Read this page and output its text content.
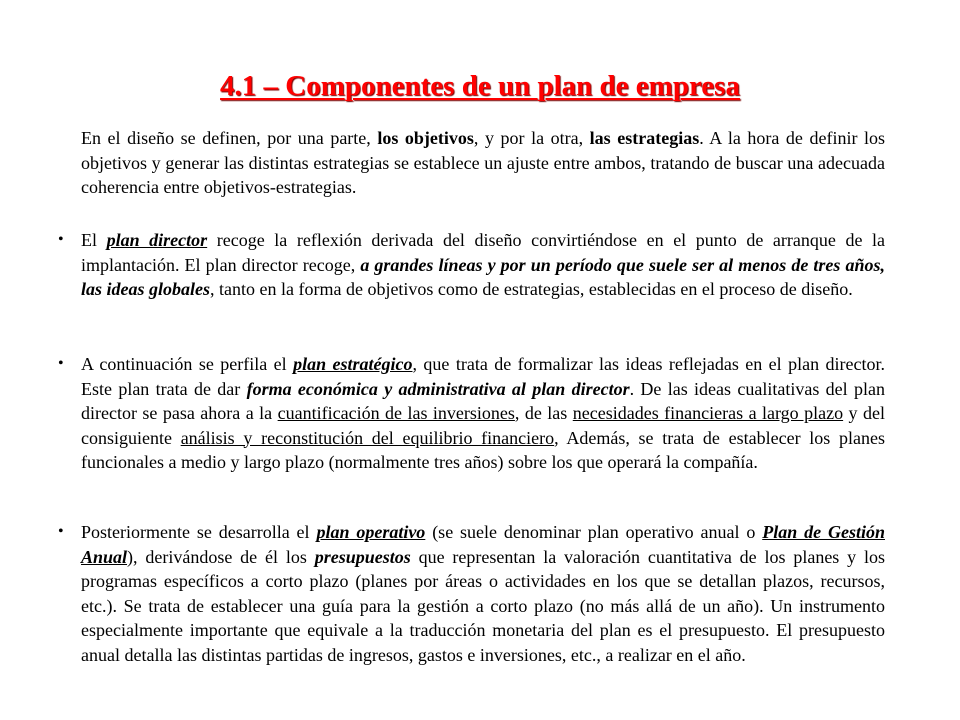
4.1 – Componentes de un plan de empresa

En el diseño se definen, por una parte, los objetivos, y por la otra, las estrategias. A la hora de definir los objetivos y generar las distintas estrategias se establece un ajuste entre ambos, tratando de buscar una adecuada coherencia entre objetivos-estrategias.

• El plan director recoge la reflexión derivada del diseño convirtiéndose en el punto de arranque de la implantación. El plan director recoge, a grandes líneas y por un período que suele ser al menos de tres años, las ideas globales, tanto en la forma de objetivos como de estrategias, establecidas en el proceso de diseño.

• A continuación se perfila el plan estratégico, que trata de formalizar las ideas reflejadas en el plan director. Este plan trata de dar forma económica y administrativa al plan director. De las ideas cualitativas del plan director se pasa ahora a la cuantificación de las inversiones, de las necesidades financieras a largo plazo y del consiguiente análisis y reconstitución del equilibrio financiero, Además, se trata de establecer los planes funcionales a medio y largo plazo (normalmente tres años) sobre los que operará la compañía.

• Posteriormente se desarrolla el plan operativo (se suele denominar plan operativo anual o Plan de Gestión Anual), derivándose de él los presupuestos que representan la valoración cuantitativa de los planes y los programas específicos a corto plazo (planes por áreas o actividades en los que se detallan plazos, recursos, etc.). Se trata de establecer una guía para la gestión a corto plazo (no más allá de un año). Un instrumento especialmente importante que equivale a la traducción monetaria del plan es el presupuesto. El presupuesto anual detalla las distintas partidas de ingresos, gastos e inversiones, etc., a realizar en el año.
